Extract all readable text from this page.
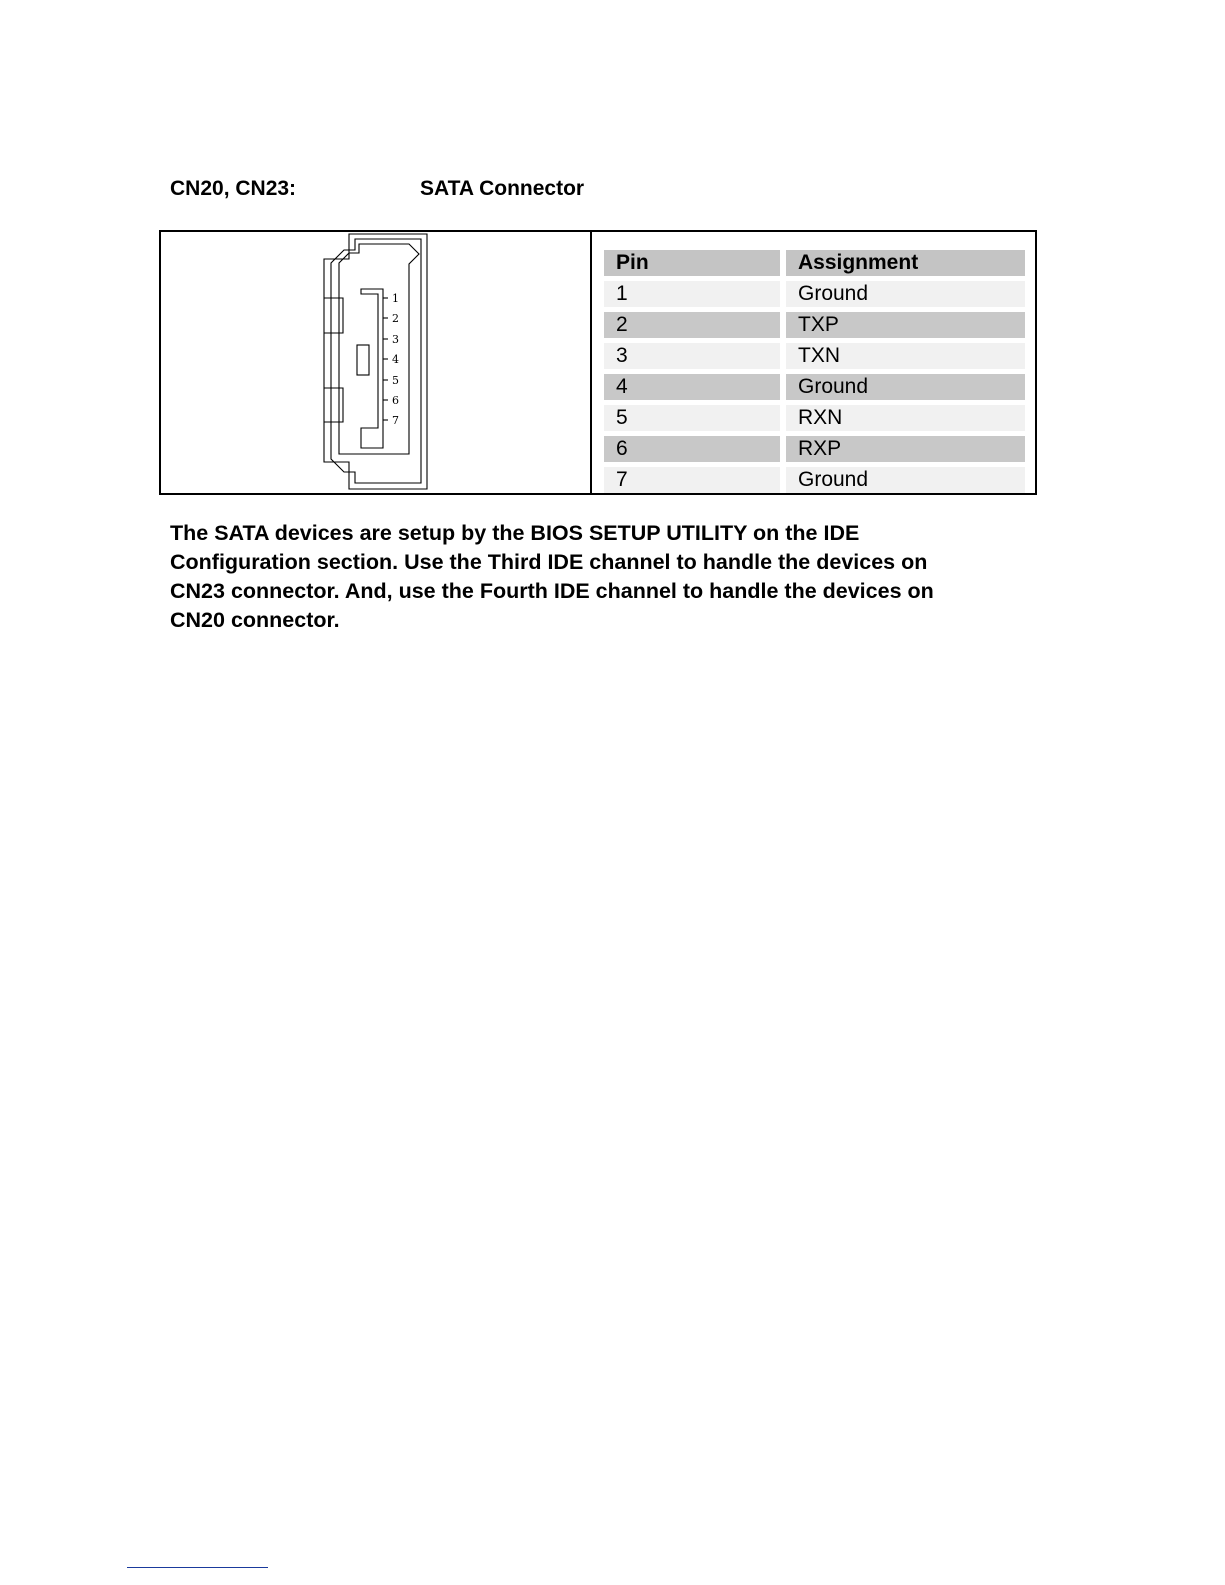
CN20, CN23:	SATA Connector
1
2
3
4
5
6
7
Pin	Assignment
1	Ground
2	TXP
3	TXN
4	Ground
5	RXN
6	RXP
7	Ground
The SATA devices are setup by the BIOS SETUP UTILITY on the IDE
Configuration section. Use the Third IDE channel to handle the devices on
CN23 connector. And, use the Fourth IDE channel to handle the devices on
CN20 connector.
